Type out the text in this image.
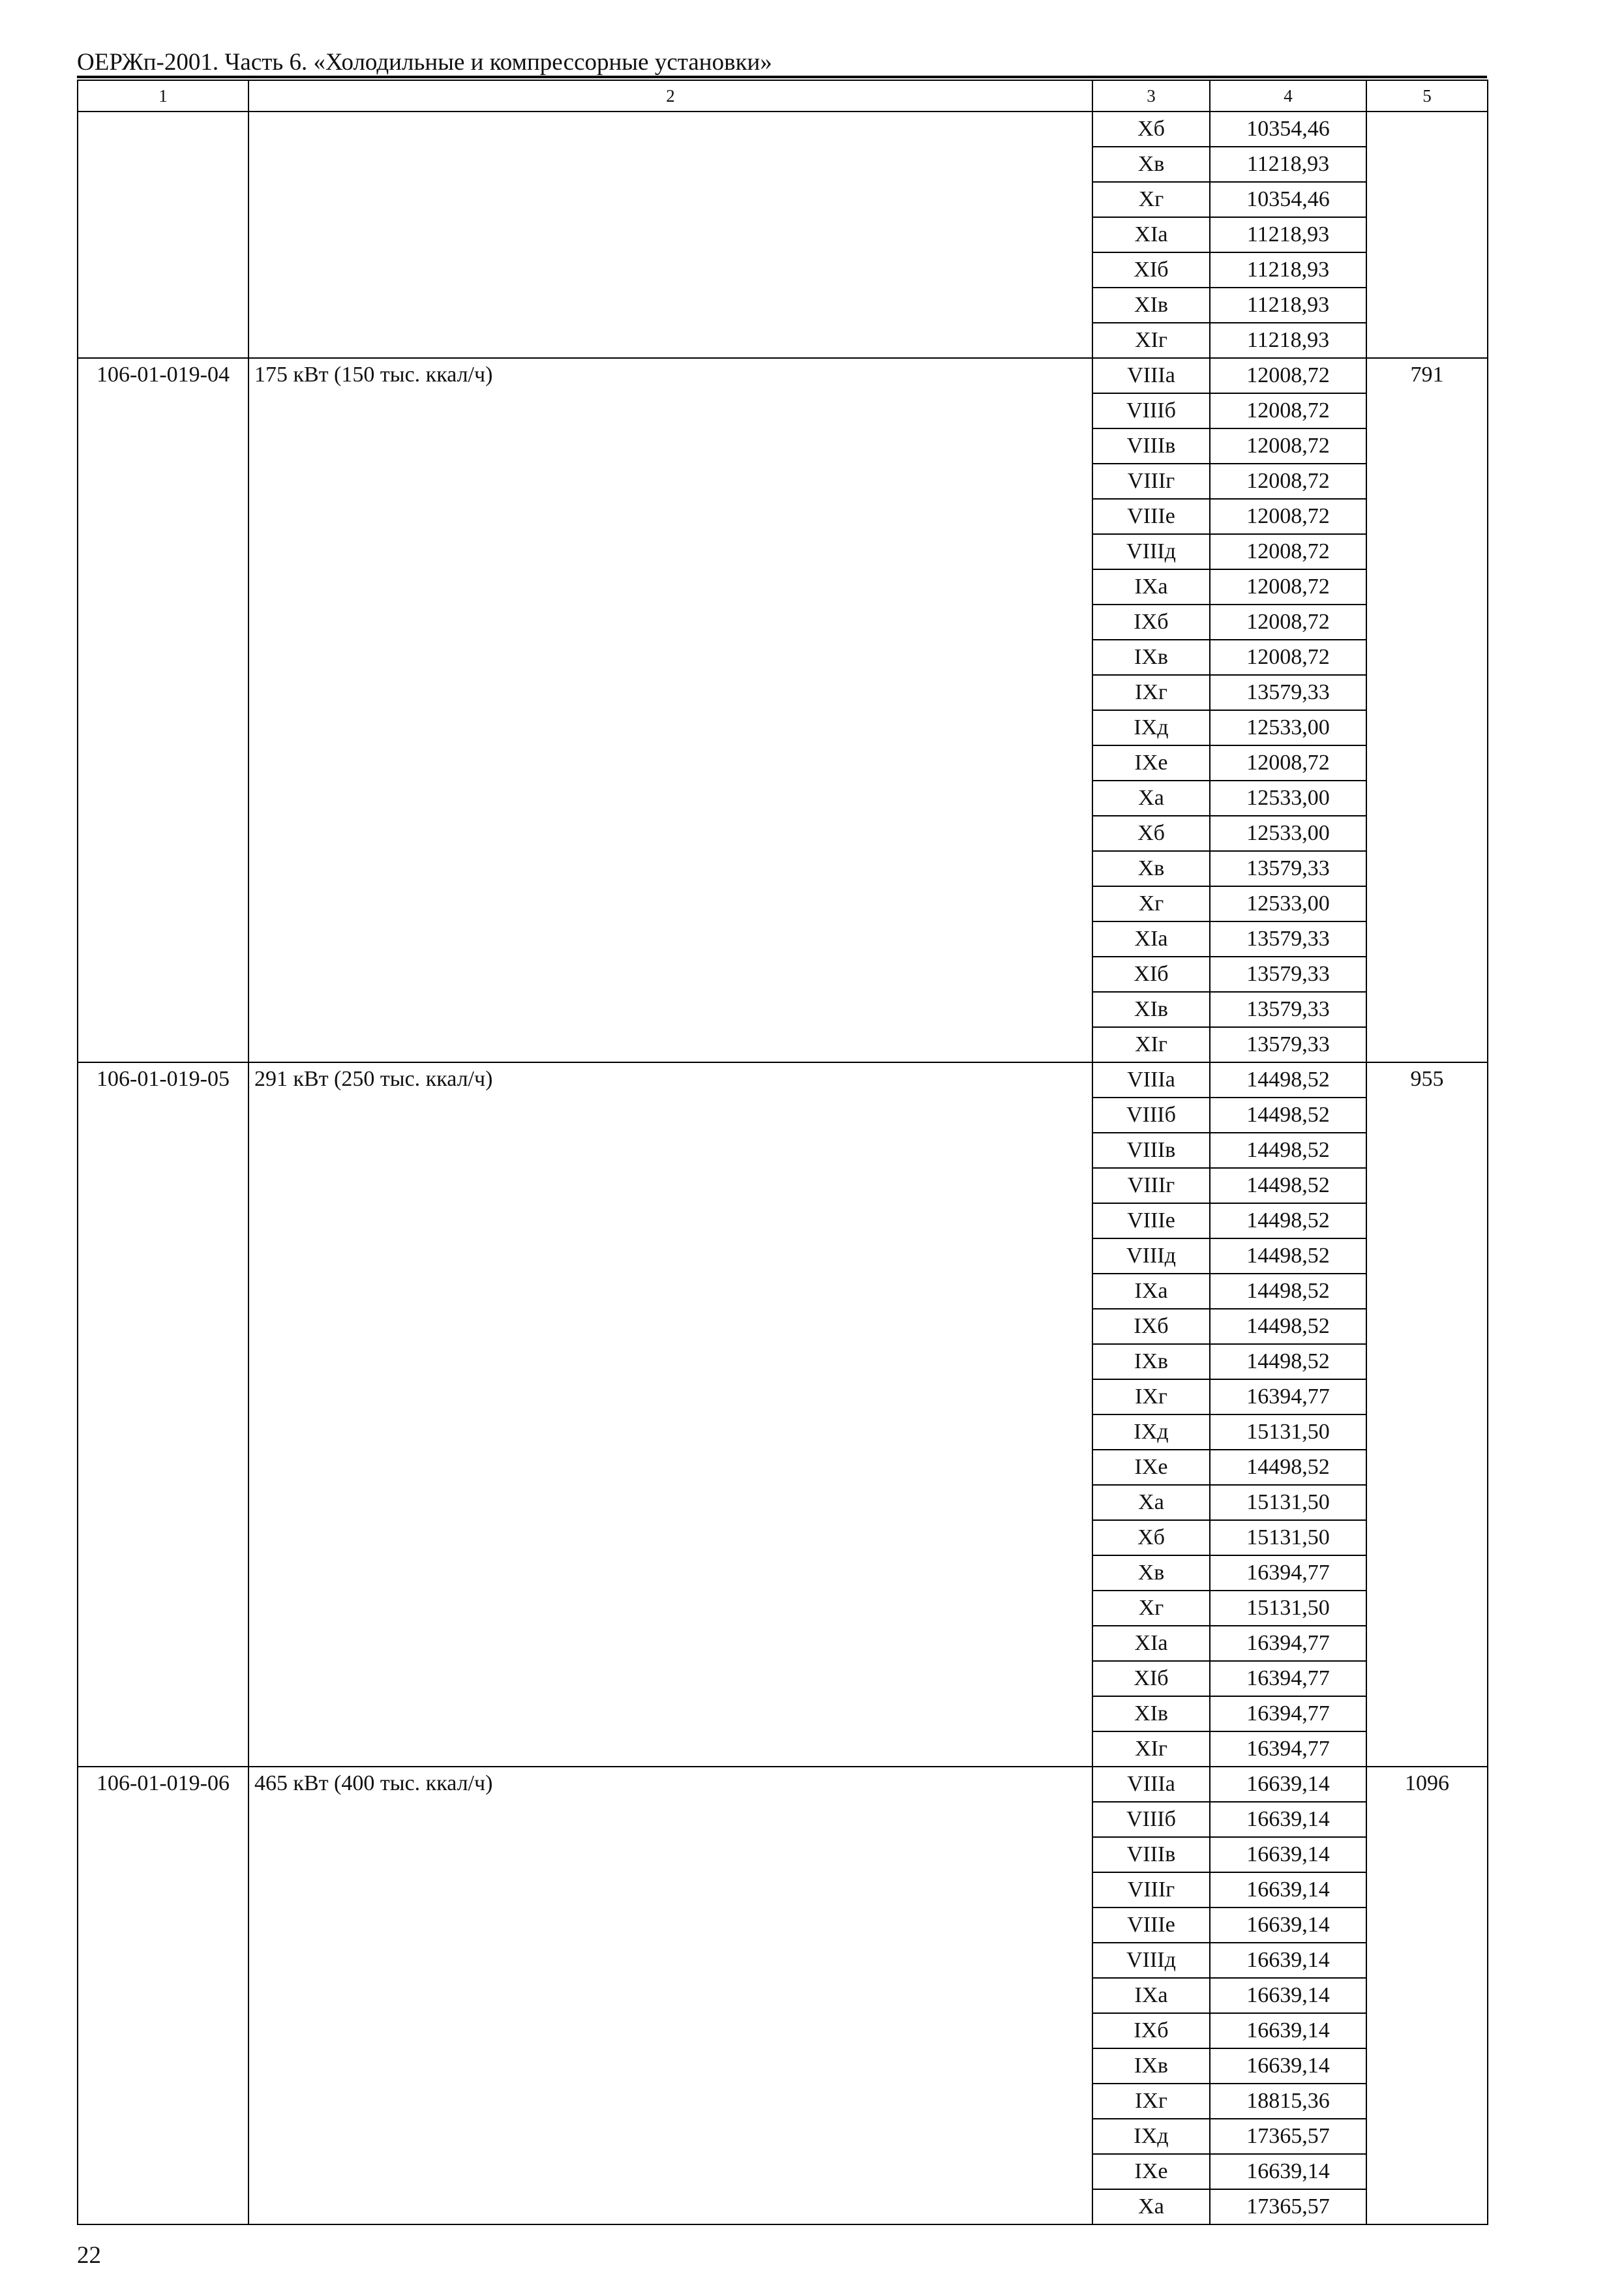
ОЕРЖп-2001. Часть 6. «Холодильные и компрессорные установки»
1	2	3	4	5
		Хб	10354,46	
		Хв	11218,93	
		Хг	10354,46	
		ХIа	11218,93	
		ХIб	11218,93	
		ХIв	11218,93	
		ХIг	11218,93	
106-01-019-04	175 кВт (150 тыс. ккал/ч)	VIIIа	12008,72	791
		VIIIб	12008,72	
		VIIIв	12008,72	
		VIIIг	12008,72	
		VIIIе	12008,72	
		VIIIд	12008,72	
		IХа	12008,72	
		IХб	12008,72	
		IХв	12008,72	
		IХг	13579,33	
		IХд	12533,00	
		IХе	12008,72	
		Ха	12533,00	
		Хб	12533,00	
		Хв	13579,33	
		Хг	12533,00	
		ХIа	13579,33	
		ХIб	13579,33	
		ХIв	13579,33	
		ХIг	13579,33	
106-01-019-05	291 кВт (250 тыс. ккал/ч)	VIIIа	14498,52	955
		VIIIб	14498,52	
		VIIIв	14498,52	
		VIIIг	14498,52	
		VIIIе	14498,52	
		VIIIд	14498,52	
		IХа	14498,52	
		IХб	14498,52	
		IХв	14498,52	
		IХг	16394,77	
		IХд	15131,50	
		IХе	14498,52	
		Ха	15131,50	
		Хб	15131,50	
		Хв	16394,77	
		Хг	15131,50	
		ХIа	16394,77	
		ХIб	16394,77	
		ХIв	16394,77	
		ХIг	16394,77	
106-01-019-06	465 кВт (400 тыс. ккал/ч)	VIIIа	16639,14	1096
		VIIIб	16639,14	
		VIIIв	16639,14	
		VIIIг	16639,14	
		VIIIе	16639,14	
		VIIIд	16639,14	
		IХа	16639,14	
		IХб	16639,14	
		IХв	16639,14	
		IХг	18815,36	
		IХд	17365,57	
		IХе	16639,14	
		Ха	17365,57	
22
